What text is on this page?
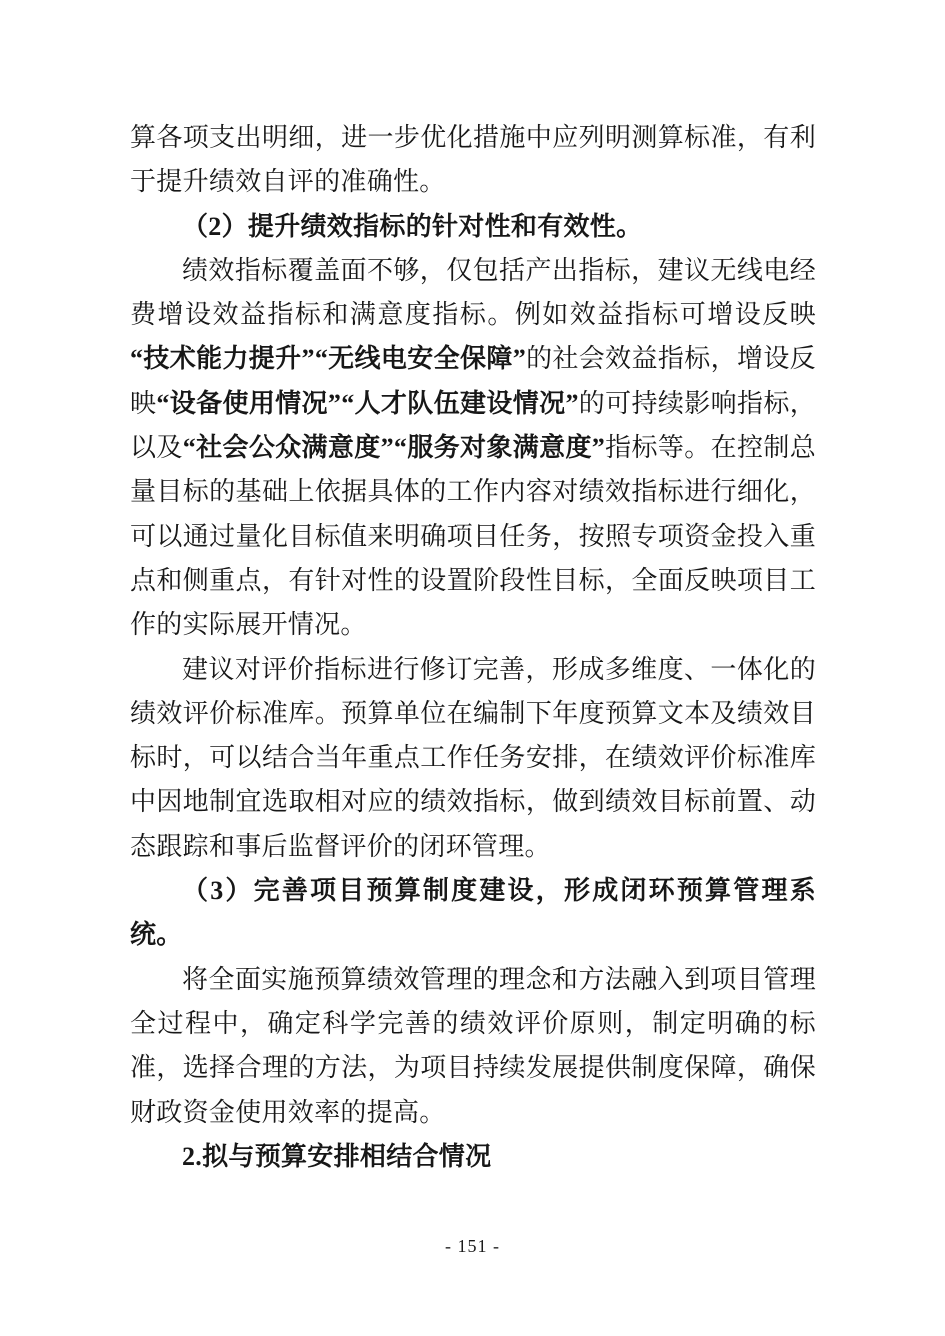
算各项支出明细，进一步优化措施中应列明测算标准，有利于提升绩效自评的准确性。

（2）提升绩效指标的针对性和有效性。

绩效指标覆盖面不够，仅包括产出指标，建议无线电经费增设效益指标和满意度指标。例如效益指标可增设反映“技术能力提升”“无线电安全保障”的社会效益指标，增设反映“设备使用情况”“人才队伍建设情况”的可持续影响指标，以及“社会公众满意度”“服务对象满意度”指标等。在控制总量目标的基础上依据具体的工作内容对绩效指标进行细化，可以通过量化目标值来明确项目任务，按照专项资金投入重点和侧重点，有针对性的设置阶段性目标，全面反映项目工作的实际展开情况。

建议对评价指标进行修订完善，形成多维度、一体化的绩效评价标准库。预算单位在编制下年度预算文本及绩效目标时，可以结合当年重点工作任务安排，在绩效评价标准库中因地制宜选取相对应的绩效指标，做到绩效目标前置、动态跟踪和事后监督评价的闭环管理。

（3）完善项目预算制度建设，形成闭环预算管理系统。

将全面实施预算绩效管理的理念和方法融入到项目管理全过程中，确定科学完善的绩效评价原则，制定明确的标准，选择合理的方法，为项目持续发展提供制度保障，确保财政资金使用效率的提高。

2.拟与预算安排相结合情况

- 151 -
